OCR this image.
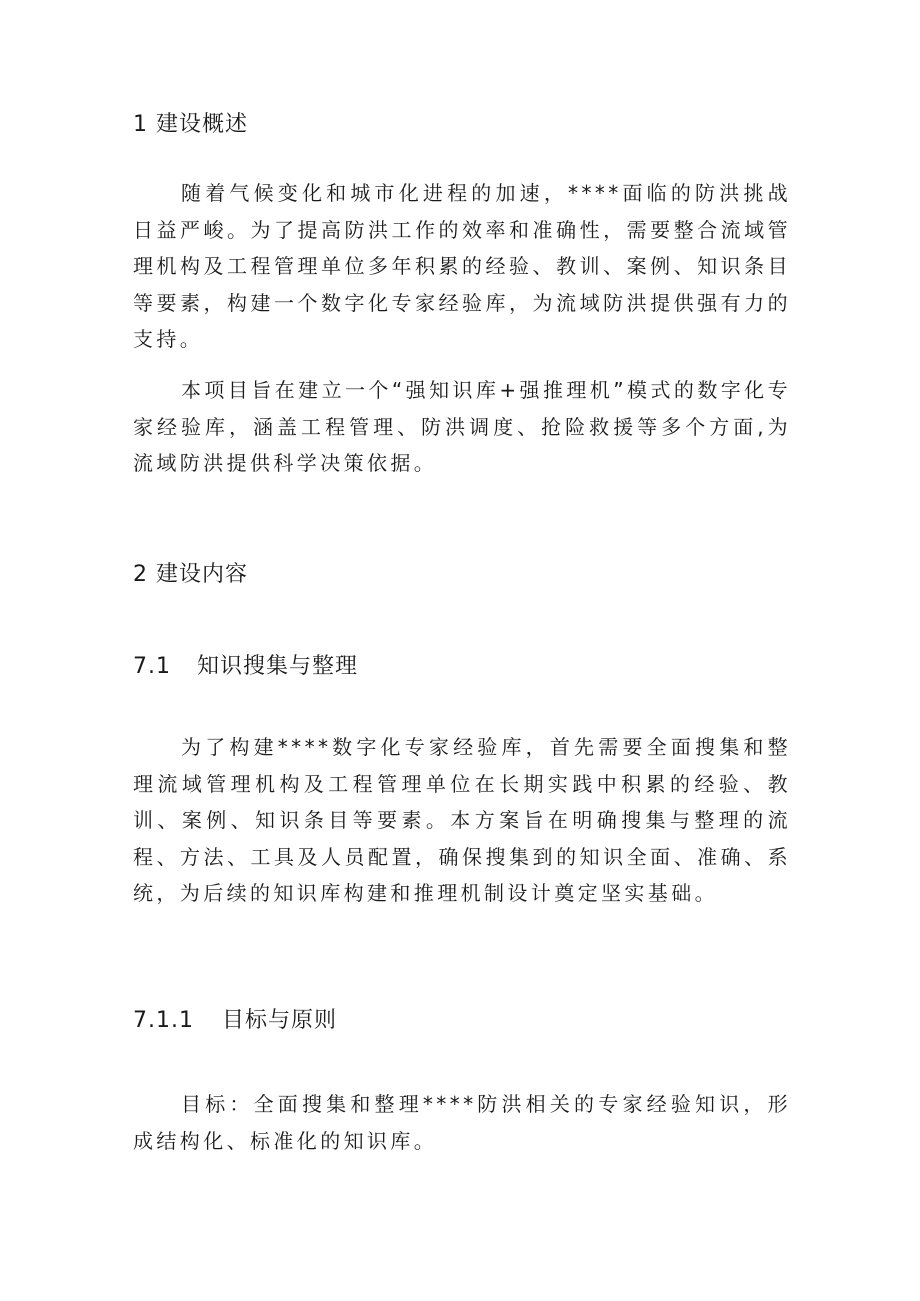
1 建设概述
随着气候变化和城市化进程的加速，****面临的防洪挑战日益严峻。为了提高防洪工作的效率和准确性，需要整合流域管理机构及工程管理单位多年积累的经验、教训、案例、知识条目等要素，构建一个数字化专家经验库，为流域防洪提供强有力的支持。
本项目旨在建立一个“强知识库+强推理机”模式的数字化专家经验库，涵盖工程管理、防洪调度、抢险救援等多个方面,为流域防洪提供科学决策依据。
2 建设内容
7.1 知识搜集与整理
为了构建****数字化专家经验库，首先需要全面搜集和整理流域管理机构及工程管理单位在长期实践中积累的经验、教训、案例、知识条目等要素。本方案旨在明确搜集与整理的流程、方法、工具及人员配置，确保搜集到的知识全面、准确、系统，为后续的知识库构建和推理机制设计奠定坚实基础。
7.1.1 目标与原则
目标：全面搜集和整理****防洪相关的专家经验知识，形成结构化、标准化的知识库。
